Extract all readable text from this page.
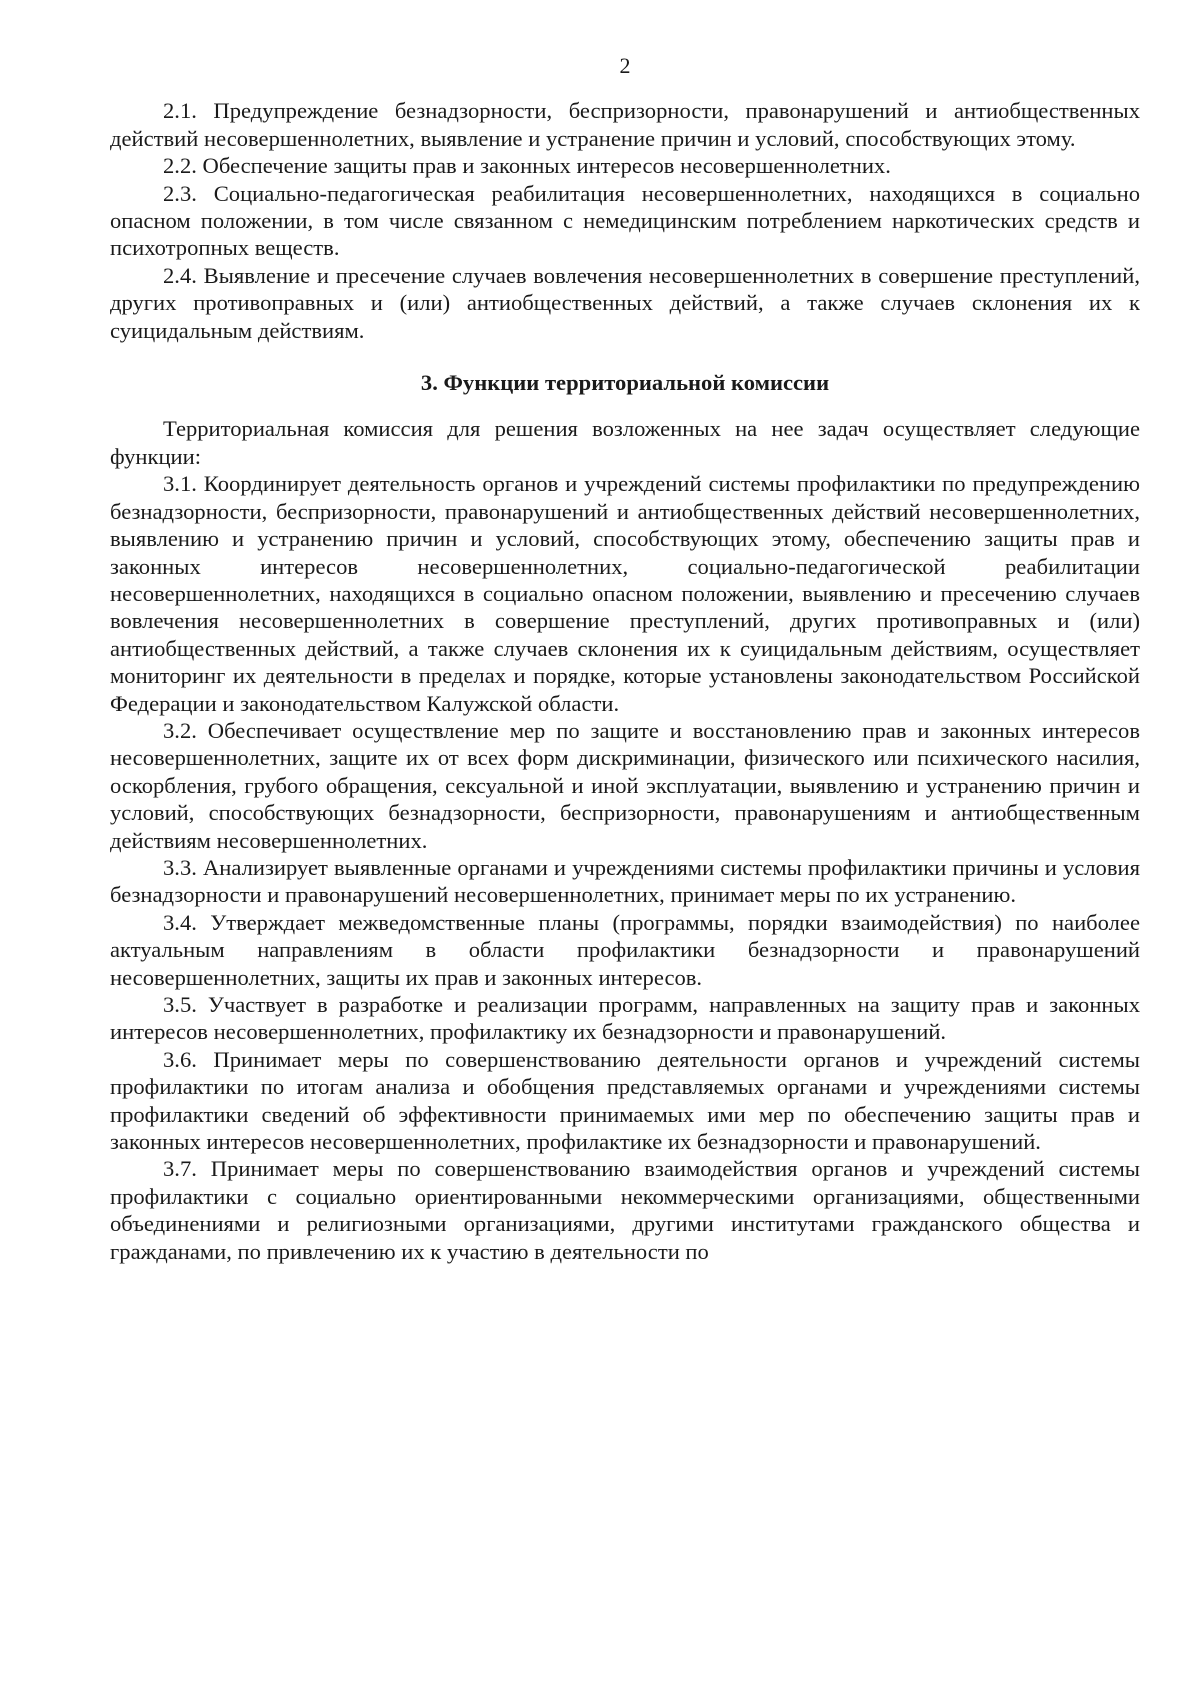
2

2.1. Предупреждение безнадзорности, беспризорности, правонарушений и антиобщественных действий несовершеннолетних, выявление и устранение причин и условий, способствующих этому.

2.2. Обеспечение защиты прав и законных интересов несовершеннолетних.

2.3. Социально-педагогическая реабилитация несовершеннолетних, находящихся в социально опасном положении, в том числе связанном с немедицинским потреблением наркотических средств и психотропных веществ.

2.4. Выявление и пресечение случаев вовлечения несовершеннолетних в совершение преступлений, других противоправных и (или) антиобщественных действий, а также случаев склонения их к суицидальным действиям.

3. Функции территориальной комиссии

Территориальная комиссия для решения возложенных на нее задач осуществляет следующие функции:

3.1. Координирует деятельность органов и учреждений системы профилактики по предупреждению безнадзорности, беспризорности, правонарушений и антиобщественных действий несовершеннолетних, выявлению и устранению причин и условий, способствующих этому, обеспечению защиты прав и законных интересов несовершеннолетних, социально-педагогической реабилитации несовершеннолетних, находящихся в социально опасном положении, выявлению и пресечению случаев вовлечения несовершеннолетних в совершение преступлений, других противоправных и (или) антиобщественных действий, а также случаев склонения их к суицидальным действиям, осуществляет мониторинг их деятельности в пределах и порядке, которые установлены законодательством Российской Федерации и законодательством Калужской области.

3.2. Обеспечивает осуществление мер по защите и восстановлению прав и законных интересов несовершеннолетних, защите их от всех форм дискриминации, физического или психического насилия, оскорбления, грубого обращения, сексуальной и иной эксплуатации, выявлению и устранению причин и условий, способствующих безнадзорности, беспризорности, правонарушениям и антиобщественным действиям несовершеннолетних.

3.3. Анализирует выявленные органами и учреждениями системы профилактики причины и условия безнадзорности и правонарушений несовершеннолетних, принимает меры по их устранению.

3.4. Утверждает межведомственные планы (программы, порядки взаимодействия) по наиболее актуальным направлениям в области профилактики безнадзорности и правонарушений несовершеннолетних, защиты их прав и законных интересов.

3.5. Участвует в разработке и реализации программ, направленных на защиту прав и законных интересов несовершеннолетних, профилактику их безнадзорности и правонарушений.

3.6. Принимает меры по совершенствованию деятельности органов и учреждений системы профилактики по итогам анализа и обобщения представляемых органами и учреждениями системы профилактики сведений об эффективности принимаемых ими мер по обеспечению защиты прав и законных интересов несовершеннолетних, профилактике их безнадзорности и правонарушений.

3.7. Принимает меры по совершенствованию взаимодействия органов и учреждений системы профилактики с социально ориентированными некоммерческими организациями, общественными объединениями и религиозными организациями, другими институтами гражданского общества и гражданами, по привлечению их к участию в деятельности по
